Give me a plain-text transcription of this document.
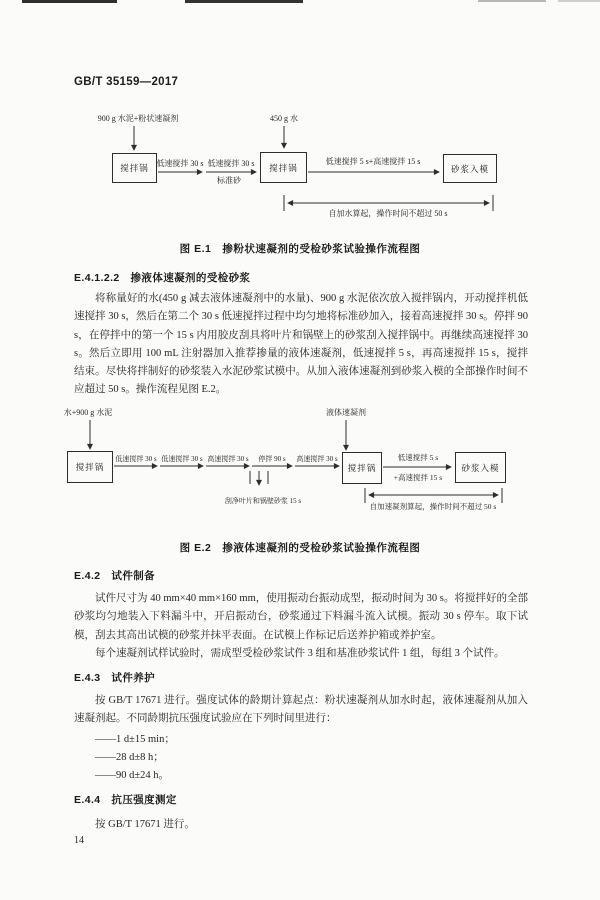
GB/T 35159—2017
900 g 水泥+粉状速凝剂	450 g 水
搅拌锅	搅拌锅	砂浆入模
低速搅拌 30 s 低速搅拌 30 s
标准砂
低速搅拌 5 s+高速搅拌 15 s
自加水算起，操作时间不超过 50 s
图 E.1　掺粉状速凝剂的受检砂浆试验操作流程图
E.4.1.2.2　掺液体速凝剂的受检砂浆

将称量好的水(450 g 减去液体速凝剂中的水量)、900 g 水泥依次放入搅拌锅内，开动搅拌机低速搅拌 30 s，然后在第二个 30 s 低速搅拌过程中均匀地将标准砂加入，接着高速搅拌 30 s。停拌 90 s，在停拌中的第一个 15 s 内用胶皮刮具将叶片和锅壁上的砂浆刮入搅拌锅中。再继续高速搅拌 30 s。然后立即用 100 mL 注射器加入推荐掺量的液体速凝剂，低速搅拌 5 s，再高速搅拌 15 s，搅拌结束。尽快将拌制好的砂浆装入水泥砂浆试模中。从加入液体速凝剂到砂浆入模的全部操作时间不应超过 50 s。操作流程见图 E.2。

水+900 g 水泥	液体速凝剂
搅拌锅	搅拌锅	砂浆入模
低速搅拌 30 s 低速搅拌 30 s 高速搅拌 30 s 停拌 90 s 高速搅拌 30 s	低速搅拌 5 s
+高速搅拌 15 s
刮净叶片和锅壁砂浆 15 s
自加速凝剂算起，操作时间不超过 50 s
图 E.2　掺液体速凝剂的受检砂浆试验操作流程图
E.4.2　试件制备

试件尺寸为 40 mm×40 mm×160 mm，使用振动台振动成型，振动时间为 30 s。将搅拌好的全部砂浆均匀地装入下料漏斗中，开启振动台，砂浆通过下料漏斗流入试模。振动 30 s 停车。取下试模，刮去其高出试模的砂浆并抹平表面。在试模上作标记后送养护箱或养护室。

每个速凝剂试样试验时，需成型受检砂浆试件 3 组和基准砂浆试件 1 组，每组 3 个试件。

E.4.3　试件养护

按 GB/T 17671 进行。强度试体的龄期计算起点：粉状速凝剂从加水时起，液体速凝剂从加入速凝剂起。不同龄期抗压强度试验应在下列时间里进行：

——1 d±15 min；
——28 d±8 h；
——90 d±24 h。
E.4.4　抗压强度测定

按 GB/T 17671 进行。

14
